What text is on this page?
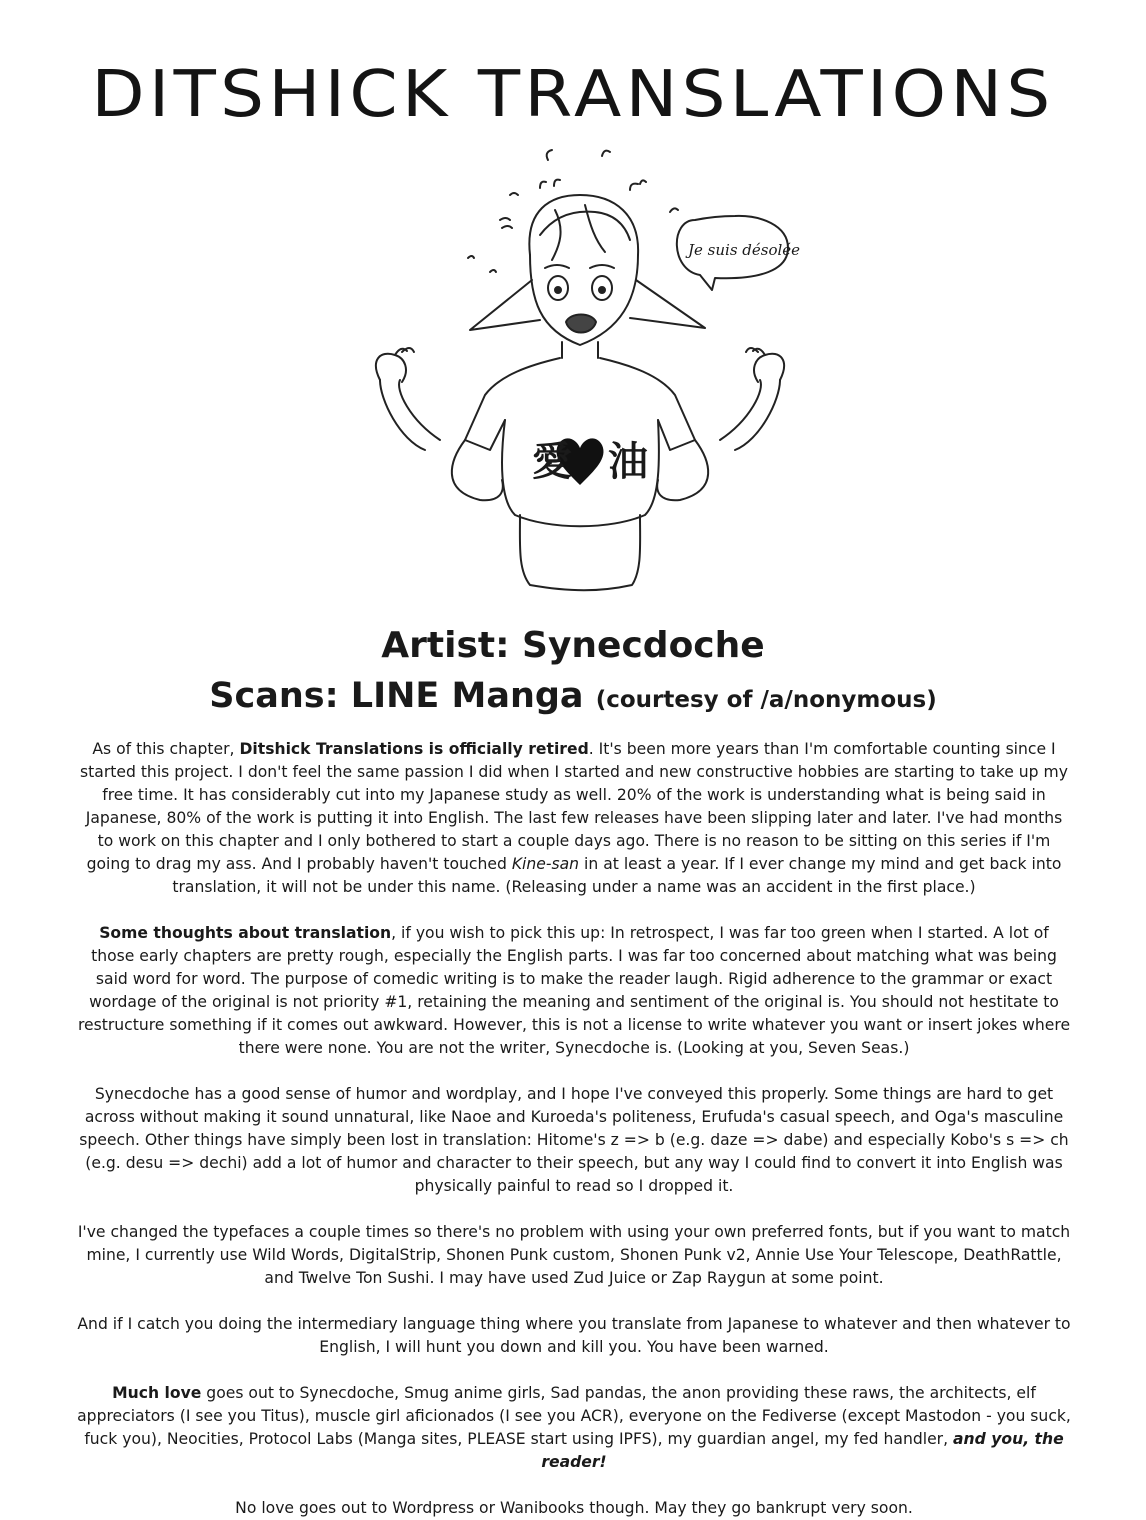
DITSHICK TRANSLATIONS
愛 油
Je suis désolée
Artist: Synecdoche
Scans: LINE Manga (courtesy of /a/nonymous)

As of this chapter, Ditshick Translations is officially retired. It's been more years than I'm comfortable counting since I started this project. I don't feel the same passion I did when I started and new constructive hobbies are starting to take up my free time. It has considerably cut into my Japanese study as well. 20% of the work is understanding what is being said in Japanese, 80% of the work is putting it into English. The last few releases have been slipping later and later. I've had months to work on this chapter and I only bothered to start a couple days ago. There is no reason to be sitting on this series if I'm going to drag my ass. And I probably haven't touched Kine-san in at least a year. If I ever change my mind and get back into translation, it will not be under this name. (Releasing under a name was an accident in the first place.)

Some thoughts about translation, if you wish to pick this up: In retrospect, I was far too green when I started. A lot of those early chapters are pretty rough, especially the English parts. I was far too concerned about matching what was being said word for word. The purpose of comedic writing is to make the reader laugh. Rigid adherence to the grammar or exact wordage of the original is not priority #1, retaining the meaning and sentiment of the original is. You should not hestitate to restructure something if it comes out awkward. However, this is not a license to write whatever you want or insert jokes where there were none. You are not the writer, Synecdoche is. (Looking at you, Seven Seas.)

Synecdoche has a good sense of humor and wordplay, and I hope I've conveyed this properly. Some things are hard to get across without making it sound unnatural, like Naoe and Kuroeda's politeness, Erufuda's casual speech, and Oga's masculine speech. Other things have simply been lost in translation: Hitome's z => b (e.g. daze => dabe) and especially Kobo's s => ch (e.g. desu => dechi) add a lot of humor and character to their speech, but any way I could find to convert it into English was physically painful to read so I dropped it.

I've changed the typefaces a couple times so there's no problem with using your own preferred fonts, but if you want to match mine, I currently use Wild Words, DigitalStrip, Shonen Punk custom, Shonen Punk v2, Annie Use Your Telescope, DeathRattle, and Twelve Ton Sushi. I may have used Zud Juice or Zap Raygun at some point.

And if I catch you doing the intermediary language thing where you translate from Japanese to whatever and then whatever to English, I will hunt you down and kill you. You have been warned.

Much love goes out to Synecdoche, Smug anime girls, Sad pandas, the anon providing these raws, the architects, elf appreciators (I see you Titus), muscle girl aficionados (I see you ACR), everyone on the Fediverse (except Mastodon - you suck, fuck you), Neocities, Protocol Labs (Manga sites, PLEASE start using IPFS), my guardian angel, my fed handler, and you, the reader!

No love goes out to Wordpress or Wanibooks though. May they go bankrupt very soon.
